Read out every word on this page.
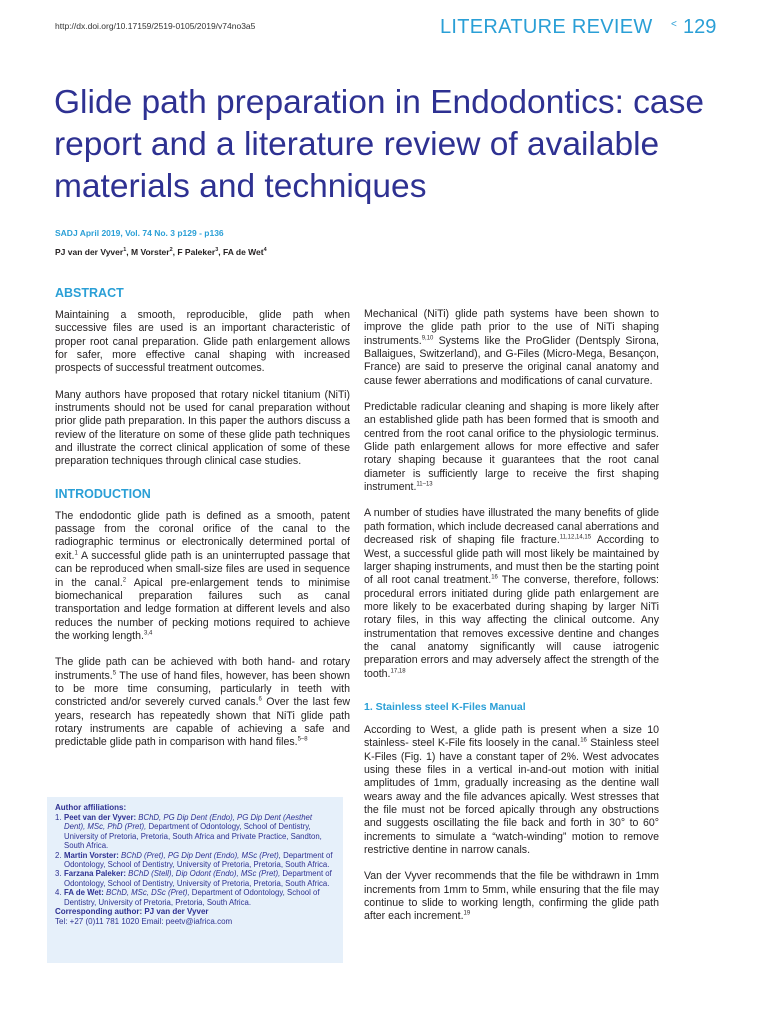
http://dx.doi.org/10.17159/2519-0105/2019/v74no3a5	LITERATURE REVIEW < 129
Glide path preparation in Endodontics: case report and a literature review of available materials and techniques
SADJ April 2019, Vol. 74 No. 3 p129 - p136
PJ van der Vyver$^1$, M Vorster$^2$, F Paleker$^3$, FA de Wet$^4$
ABSTRACT

Maintaining a smooth, reproducible, glide path when successive files are used is an important characteristic of proper root canal preparation. Glide path enlargement allows for safer, more effective canal shaping with increased prospects of successful treatment outcomes.

Many authors have proposed that rotary nickel titanium (NiTi) instruments should not be used for canal preparation without prior glide path preparation. In this paper the authors discuss a review of the literature on some of these glide path techniques and illustrate the correct clinical application of some of these preparation techniques through clinical case studies.

INTRODUCTION

The endodontic glide path is defined as a smooth, patent passage from the coronal orifice of the canal to the radiographic terminus or electronically determined portal of exit.$^1$ A successful glide path is an uninterrupted passage that can be reproduced when small-size files are used in sequence in the canal.$^2$ Apical pre-enlargement tends to minimise biomechanical preparation failures such as canal transportation and ledge formation at different levels and also reduces the number of pecking motions required to achieve the working length.$^{3,4}$

The glide path can be achieved with both hand- and rotary instruments.$^5$ The use of hand files, however, has been shown to be more time consuming, particularly in teeth with constricted and/or severely curved canals.$^6$ Over the last few years, research has repeatedly shown that NiTi glide path rotary instruments are capable of achieving a safe and predictable glide path in comparison with hand files.$^{5-8}$

Mechanical (NiTi) glide path systems have been shown to improve the glide path prior to the use of NiTi shaping instruments.$^{9,10}$ Systems like the ProGlider (Dentsply Sirona, Ballaigues, Switzerland), and G-Files (Micro-Mega, Besançon, France) are said to preserve the original canal anatomy and cause fewer aberrations and modifications of canal curvature.

Predictable radicular cleaning and shaping is more likely after an established glide path has been formed that is smooth and centred from the root canal orifice to the physiologic terminus. Glide path enlargement allows for more effective and safer rotary shaping because it guarantees that the root canal diameter is sufficiently large to receive the first shaping instrument.$^{11-13}$

A number of studies have illustrated the many benefits of glide path formation, which include decreased canal aberrations and decreased risk of shaping file fracture.$^{11,12,14,15}$ According to West, a successful glide path will most likely be maintained by larger shaping instruments, and must then be the starting point of all root canal treatment.$^{16}$ The converse, therefore, follows: procedural errors initiated during glide path enlargement are more likely to be exacerbated during shaping by larger NiTi rotary files, in this way affecting the clinical outcome. Any instrumentation that removes excessive dentine and changes the canal anatomy significantly will cause iatrogenic preparation errors and may adversely affect the strength of the tooth.$^{17,18}$

1. Stainless steel K-Files Manual

According to West, a glide path is present when a size 10 stainless- steel K-File fits loosely in the canal.$^{16}$ Stainless steel K-Files (Fig. 1) have a constant taper of 2%. West advocates using these files in a vertical in-and-out motion with initial amplitudes of 1mm, gradually increasing as the dentine wall wears away and the file advances apically. West stresses that the file must not be forced apically through any obstructions and suggests oscillating the file back and forth in 30° to 60° increments to simulate a “watch-winding” motion to remove restrictive dentine in narrow canals.

Van der Vyver recommends that the file be withdrawn in 1mm increments from 1mm to 5mm, while ensuring that the file may continue to slide to working length, confirming the glide path after each increment.$^{19}$

Author affiliations:
1. Peet van der Vyver: BChD, PG Dip Dent (Endo), PG Dip Dent (Aesthet Dent), MSc, PhD (Pret), Department of Odontology, School of Dentistry, University of Pretoria, Pretoria, South Africa and Private Practice, Sandton, South Africa.
2. Martin Vorster: BChD (Pret), PG Dip Dent (Endo), MSc (Pret), Department of Odontology, School of Dentistry, University of Pretoria, Pretoria, South Africa.
3. Farzana Paleker: BChD (Stell), Dip Odont (Endo), MSc (Pret), Department of Odontology, School of Dentistry, University of Pretoria, Pretoria, South Africa.
4. FA de Wet: BChD, MSc, DSc (Pret), Department of Odontology, School of Dentistry, University of Pretoria, Pretoria, South Africa.
Corresponding author: PJ van der Vyver
Tel: +27 (0)11 781 1020 Email: peetv@iafrica.com
